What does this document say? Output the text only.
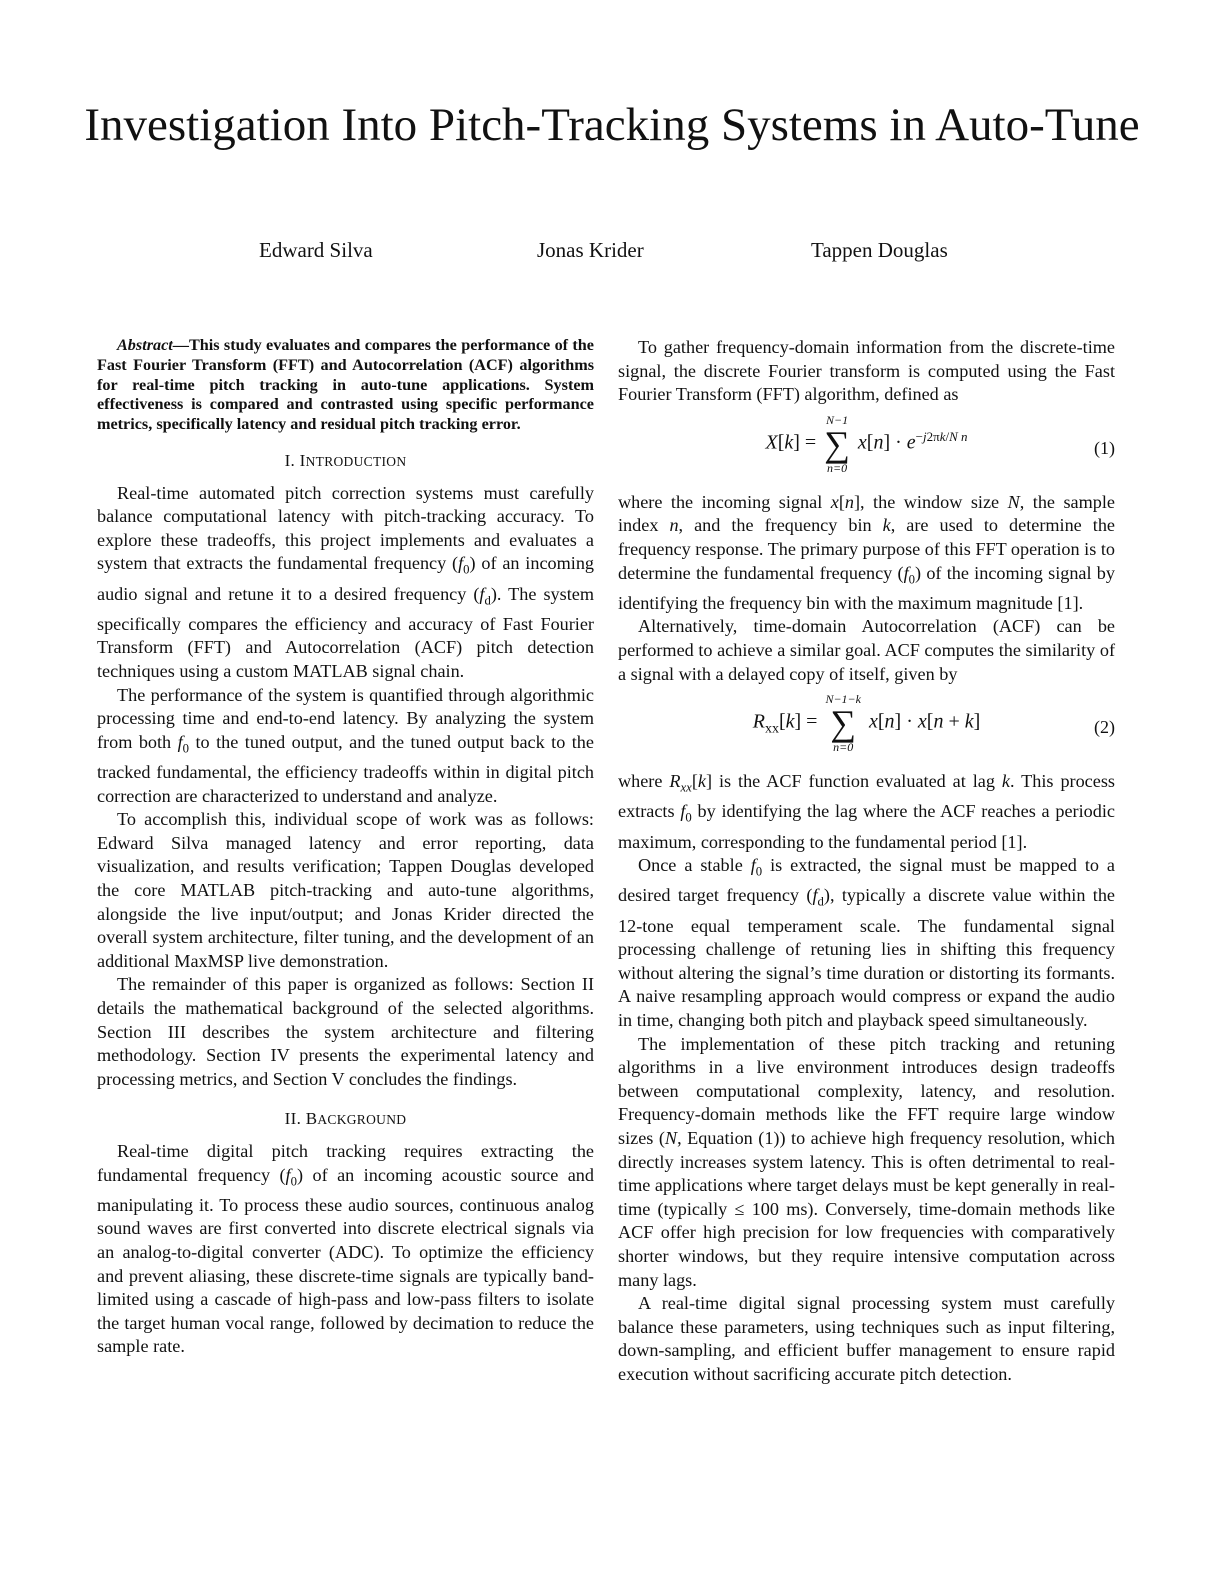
Investigation Into Pitch-Tracking Systems in Auto-Tune
Edward Silva	Jonas Krider	Tappen Douglas

Abstract—This study evaluates and compares the performance of the Fast Fourier Transform (FFT) and Autocorrelation (ACF) algorithms for real-time pitch tracking in auto-tune applications. System effectiveness is compared and contrasted using specific performance metrics, specifically latency and residual pitch tracking error.

I. INTRODUCTION

Real-time automated pitch correction systems must carefully balance computational latency with pitch-tracking accuracy. To explore these tradeoffs, this project implements and evaluates a system that extracts the fundamental frequency $(f_0)$ of an incoming audio signal and retune it to a desired frequency $(f_d)$. The system specifically compares the efficiency and accuracy of Fast Fourier Transform (FFT) and Autocorrelation (ACF) pitch detection techniques using a custom MATLAB signal chain.

The performance of the system is quantified through algorithmic processing time and end-to-end latency. By analyzing the system from both $f_0$ to the tuned output, and the tuned output back to the tracked fundamental, the efficiency tradeoffs within in digital pitch correction are characterized to understand and analyze.

To accomplish this, individual scope of work was as follows: Edward Silva managed latency and error reporting, data visualization, and results verification; Tappen Douglas developed the core MATLAB pitch-tracking and auto-tune algorithms, alongside the live input/output; and Jonas Krider directed the overall system architecture, filter tuning, and the development of an additional MaxMSP live demonstration.

The remainder of this paper is organized as follows: Section II details the mathematical background of the selected algorithms. Section III describes the system architecture and filtering methodology. Section IV presents the experimental latency and processing metrics, and Section V concludes the findings.

II. BACKGROUND

Real-time digital pitch tracking requires extracting the fundamental frequency $(f_0)$ of an incoming acoustic source and manipulating it. To process these audio sources, continuous analog sound waves are first converted into discrete electrical signals via an analog-to-digital converter (ADC). To optimize the efficiency and prevent aliasing, these discrete-time signals are typically band-limited using a cascade of high-pass and low-pass filters to isolate the target human vocal range, followed by decimation to reduce the sample rate.

To gather frequency-domain information from the discrete-time signal, the discrete Fourier transform is computed using the Fast Fourier Transform (FFT) algorithm, defined as

X[k] =
N−1
∑
n=0
$x[n] \cdot e^{-j2\pi k/N n}$
(1)

where the incoming signal x[n], the window size N, the sample index n, and the frequency bin k, are used to determine the frequency response. The primary purpose of this FFT operation is to determine the fundamental frequency $(f_0)$ of the incoming signal by identifying the frequency bin with the maximum magnitude [1].

Alternatively, time-domain Autocorrelation (ACF) can be performed to achieve a similar goal. ACF computes the similarity of a signal with a delayed copy of itself, given by

$R_{xx}[k]$ =
N−1−k
∑
n=0
x[n] · x[n + k]	(2)

where $R_{xx}[k]$ is the ACF function evaluated at lag k. This process extracts $f_0$ by identifying the lag where the ACF reaches a periodic maximum, corresponding to the fundamental period [1].

Once a stable $f_0$ is extracted, the signal must be mapped to a desired target frequency $(f_d)$, typically a discrete value within the 12-tone equal temperament scale. The fundamental signal processing challenge of retuning lies in shifting this frequency without altering the signal’s time duration or distorting its formants. A naive resampling approach would compress or expand the audio in time, changing both pitch and playback speed simultaneously.

The implementation of these pitch tracking and retuning algorithms in a live environment introduces design tradeoffs between computational complexity, latency, and resolution. Frequency-domain methods like the FFT require large window sizes (N, Equation (1)) to achieve high frequency resolution, which directly increases system latency. This is often detrimental to real-time applications where target delays must be kept generally in real-time (typically ≤ 100 ms). Conversely, time-domain methods like ACF offer high precision for low frequencies with comparatively shorter windows, but they require intensive computation across many lags.

A real-time digital signal processing system must carefully balance these parameters, using techniques such as input filtering, down-sampling, and efficient buffer management to ensure rapid execution without sacrificing accurate pitch detection.
